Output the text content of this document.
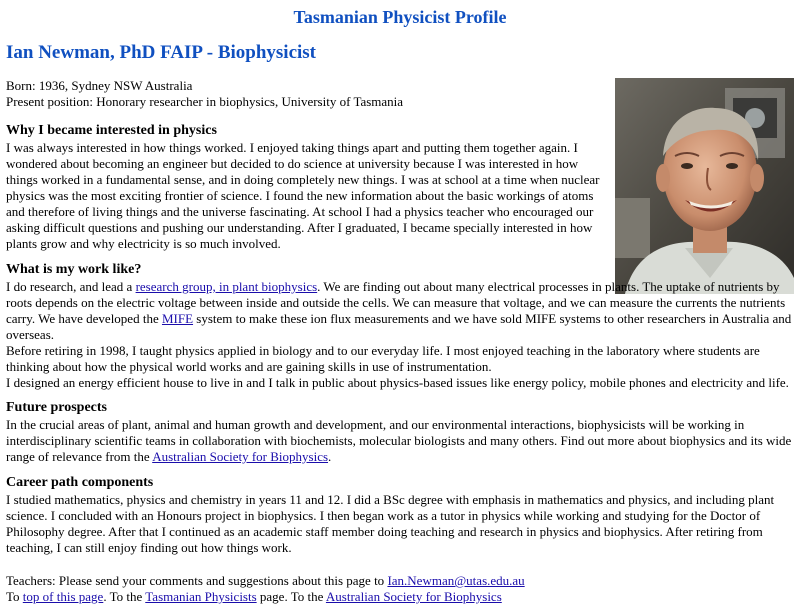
Tasmanian Physicist Profile
Ian Newman, PhD FAIP - Biophysicist
Born: 1936, Sydney NSW Australia
Present position: Honorary researcher in biophysics, University of Tasmania
Why I became interested in physics

I was always interested in how things worked. I enjoyed taking things apart and putting them together again. I wondered about becoming an engineer but decided to do science at university because I was interested in how things worked in a fundamental sense, and in doing completely new things. I was at school at a time when nuclear physics was the most exciting frontier of science. I found the new information about the basic workings of atoms and therefore of living things and the universe fascinating. At school I had a physics teacher who encouraged our asking difficult questions and pushing our understanding. After I graduated, I became specially interested in how plants grow and why electricity is so much involved.

What is my work like?

I do research, and lead a research group, in plant biophysics. We are finding out about many electrical processes in plants. The uptake of nutrients by roots depends on the electric voltage between inside and outside the cells. We can measure that voltage, and we can measure the currents the nutrients carry. We have developed the MIFE system to make these ion flux measurements and we have sold MIFE systems to other researchers in Australia and overseas.

Before retiring in 1998, I taught physics applied in biology and to our everyday life. I most enjoyed teaching in the laboratory where students are thinking about how the physical world works and are gaining skills in use of instrumentation.

I designed an energy efficient house to live in and I talk in public about physics-based issues like energy policy, mobile phones and electricity and life.

Future prospects

In the crucial areas of plant, animal and human growth and development, and our environmental interactions, biophysicists will be working in interdisciplinary scientific teams in collaboration with biochemists, molecular biologists and many others. Find out more about biophysics and its wide range of relevance from the Australian Society for Biophysics.

Career path components

I studied mathematics, physics and chemistry in years 11 and 12. I did a BSc degree with emphasis in mathematics and physics, and including plant science. I concluded with an Honours project in biophysics. I then began work as a tutor in physics while working and studying for the Doctor of Philosophy degree. After that I continued as an academic staff member doing teaching and research in physics and biophysics. After retiring from teaching, I can still enjoy finding out how things work.

Teachers: Please send your comments and suggestions about this page to Ian.Newman@utas.edu.au
To top of this page. To the Tasmanian Physicists page. To the Australian Society for Biophysics
